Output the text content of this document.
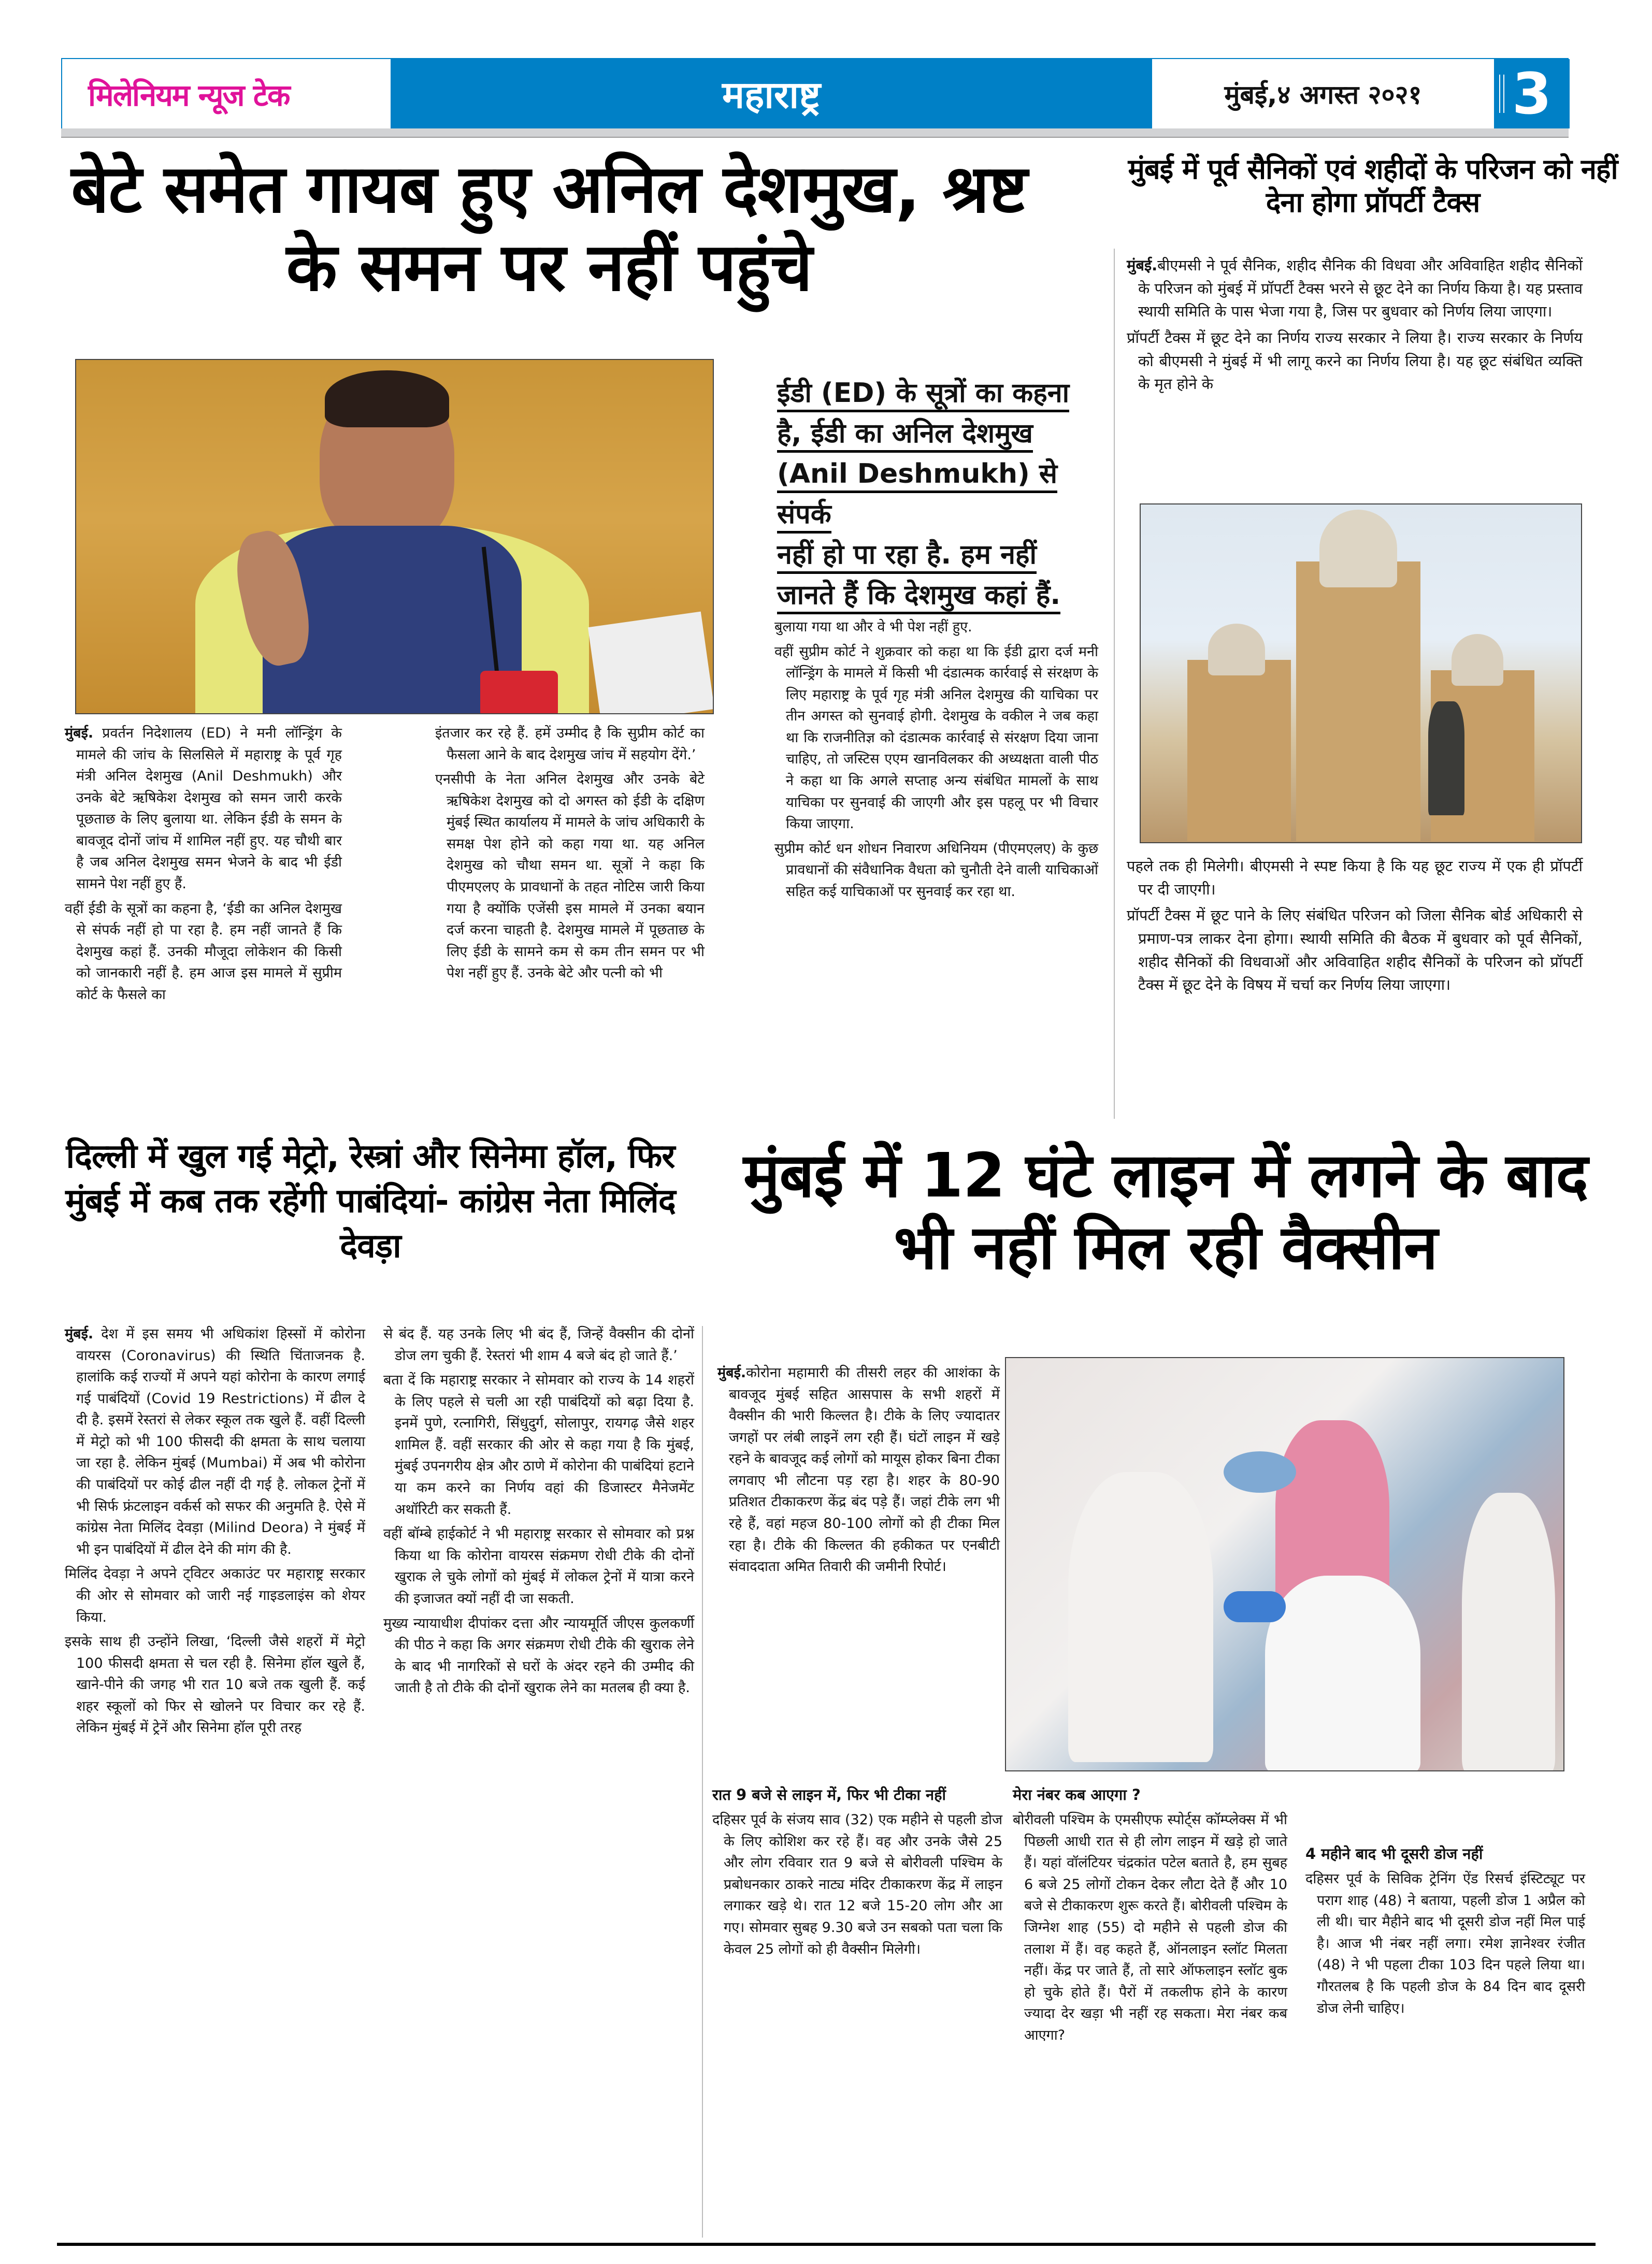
मिलेनियम न्यूज टेक	महाराष्ट्र	मुंबई,४ अगस्त २०२१	3
बेटे समेत गायब हुए अनिल देशमुख, श्रष्ट के समन पर नहीं पहुंचे
ईडी (ED) के सूत्रों का कहना
है, ईडी का अनिल देशमुख
(Anil Deshmukh) से संपर्क
नहीं हो पा रहा है. हम नहीं
जानते हैं कि देशमुख कहां हैं.

मुंबई. प्रवर्तन निदेशालय (ED) ने मनी लॉन्ड्रिंग के मामले की जांच के सिलसिले में महाराष्ट्र के पूर्व गृह मंत्री अनिल देशमुख (Anil Deshmukh) और उनके बेटे ऋषिकेश देशमुख को समन जारी करके पूछताछ के लिए बुलाया था. लेकिन ईडी के समन के बावजूद दोनों जांच में शामिल नहीं हुए. यह चौथी बार है जब अनिल देशमुख समन भेजने के बाद भी ईडी सामने पेश नहीं हुए हैं.

वहीं ईडी के सूत्रों का कहना है, ‘ईडी का अनिल देशमुख से संपर्क नहीं हो पा रहा है. हम नहीं जानते हैं कि देशमुख कहां हैं. उनकी मौजूदा लोकेशन की किसी को जानकारी नहीं है. हम आज इस मामले में सुप्रीम कोर्ट के फैसले का

इंतजार कर रहे हैं. हमें उम्मीद है कि सुप्रीम कोर्ट का फैसला आने के बाद देशमुख जांच में सहयोग देंगे.’

एनसीपी के नेता अनिल देशमुख और उनके बेटे ऋषिकेश देशमुख को दो अगस्त को ईडी के दक्षिण मुंबई स्थित कार्यालय में मामले के जांच अधिकारी के समक्ष पेश होने को कहा गया था. यह अनिल देशमुख को चौथा समन था. सूत्रों ने कहा कि पीएमएलए के प्रावधानों के तहत नोटिस जारी किया गया है क्योंकि एजेंसी इस मामले में उनका बयान दर्ज करना चाहती है. देशमुख मामले में पूछताछ के लिए ईडी के सामने कम से कम तीन समन पर भी पेश नहीं हुए हैं. उनके बेटे और पत्नी को भी

बुलाया गया था और वे भी पेश नहीं हुए.

वहीं सुप्रीम कोर्ट ने शुक्रवार को कहा था कि ईडी द्वारा दर्ज मनी लॉन्ड्रिंग के मामले में किसी भी दंडात्मक कार्रवाई से संरक्षण के लिए महाराष्ट्र के पूर्व गृह मंत्री अनिल देशमुख की याचिका पर तीन अगस्त को सुनवाई होगी. देशमुख के वकील ने जब कहा था कि राजनीतिज्ञ को दंडात्मक कार्रवाई से संरक्षण दिया जाना चाहिए, तो जस्टिस एएम खानविलकर की अध्यक्षता वाली पीठ ने कहा था कि अगले सप्ताह अन्य संबंधित मामलों के साथ याचिका पर सुनवाई की जाएगी और इस पहलू पर भी विचार किया जाएगा.

सुप्रीम कोर्ट धन शोधन निवारण अधिनियम (पीएमएलए) के कुछ प्रावधानों की संवैधानिक वैधता को चुनौती देने वाली याचिकाओं सहित कई याचिकाओं पर सुनवाई कर रहा था.

मुंबई में पूर्व सैनिकों एवं शहीदों के परिजन को नहीं देना होगा प्रॉपर्टी टैक्स

मुंबई.बीएमसी ने पूर्व सैनिक, शहीद सैनिक की विधवा और अविवाहित शहीद सैनिकों के परिजन को मुंबई में प्रॉपर्टी टैक्स भरने से छूट देने का निर्णय किया है। यह प्रस्ताव स्थायी समिति के पास भेजा गया है, जिस पर बुधवार को निर्णय लिया जाएगा।

प्रॉपर्टी टैक्स में छूट देने का निर्णय राज्य सरकार ने लिया है। राज्य सरकार के निर्णय को बीएमसी ने मुंबई में भी लागू करने का निर्णय लिया है। यह छूट संबंधित व्यक्ति के मृत होने के

पहले तक ही मिलेगी। बीएमसी ने स्पष्ट किया है कि यह छूट राज्य में एक ही प्रॉपर्टी पर दी जाएगी।

प्रॉपर्टी टैक्स में छूट पाने के लिए संबंधित परिजन को जिला सैनिक बोर्ड अधिकारी से प्रमाण-पत्र लाकर देना होगा। स्थायी समिति की बैठक में बुधवार को पूर्व सैनिकों, शहीद सैनिकों की विधवाओं और अविवाहित शहीद सैनिकों के परिजन को प्रॉपर्टी टैक्स में छूट देने के विषय में चर्चा कर निर्णय लिया जाएगा।

दिल्ली में खुल गई मेट्रो, रेस्त्रां और सिनेमा हॉल, फिर मुंबई में कब तक रहेंगी पाबंदियां- कांग्रेस नेता मिलिंद देवड़ा

मुंबई. देश में इस समय भी अधिकांश हिस्सों में कोरोना वायरस (Coronavirus) की स्थिति चिंताजनक है. हालांकि कई राज्यों में अपने यहां कोरोना के कारण लगाई गई पाबंदियों (Covid 19 Restrictions) में ढील दे दी है. इसमें रेस्तरां से लेकर स्कूल तक खुले हैं. वहीं दिल्ली में मेट्रो को भी 100 फीसदी की क्षमता के साथ चलाया जा रहा है. लेकिन मुंबई (Mumbai) में अब भी कोरोना की पाबंदियों पर कोई ढील नहीं दी गई है. लोकल ट्रेनों में भी सिर्फ फ्रंटलाइन वर्कर्स को सफर की अनुमति है. ऐसे में कांग्रेस नेता मिलिंद देवड़ा (Milind Deora) ने मुंबई में भी इन पाबंदियों में ढील देने की मांग की है.

मिलिंद देवड़ा ने अपने ट्विटर अकाउंट पर महाराष्ट्र सरकार की ओर से सोमवार को जारी नई गाइडलाइंस को शेयर किया.

इसके साथ ही उन्होंने लिखा, ‘दिल्ली जैसे शहरों में मेट्रो 100 फीसदी क्षमता से चल रही है. सिनेमा हॉल खुले हैं, खाने-पीने की जगह भी रात 10 बजे तक खुली हैं. कई शहर स्कूलों को फिर से खोलने पर विचार कर रहे हैं. लेकिन मुंबई में ट्रेनें और सिनेमा हॉल पूरी तरह

से बंद हैं. यह उनके लिए भी बंद हैं, जिन्हें वैक्सीन की दोनों डोज लग चुकी हैं. रेस्तरां भी शाम 4 बजे बंद हो जाते हैं.’

बता दें कि महाराष्ट्र सरकार ने सोमवार को राज्य के 14 शहरों के लिए पहले से चली आ रही पाबंदियों को बढ़ा दिया है. इनमें पुणे, रत्नागिरी, सिंधुदुर्ग, सोलापुर, रायगढ़ जैसे शहर शामिल हैं. वहीं सरकार की ओर से कहा गया है कि मुंबई, मुंबई उपनगरीय क्षेत्र और ठाणे में कोरोना की पाबंदियां हटाने या कम करने का निर्णय वहां की डिजास्टर मैनेजमेंट अथॉरिटी कर सकती हैं.

वहीं बॉम्बे हाईकोर्ट ने भी महाराष्ट्र सरकार से सोमवार को प्रश्न किया था कि कोरोना वायरस संक्रमण रोधी टीके की दोनों खुराक ले चुके लोगों को मुंबई में लोकल ट्रेनों में यात्रा करने की इजाजत क्यों नहीं दी जा सकती.

मुख्य न्यायाधीश दीपांकर दत्ता और न्यायमूर्ति जीएस कुलकर्णी की पीठ ने कहा कि अगर संक्रमण रोधी टीके की खुराक लेने के बाद भी नागरिकों से घरों के अंदर रहने की उम्मीद की जाती है तो टीके की दोनों खुराक लेने का मतलब ही क्या है.

मुंबई में 12 घंटे लाइन में लगने के बाद भी नहीं मिल रही वैक्सीन

मुंबई.कोरोना महामारी की तीसरी लहर की आशंका के बावजूद मुंबई सहित आसपास के सभी शहरों में वैक्सीन की भारी किल्लत है। टीके के लिए ज्यादातर जगहों पर लंबी लाइनें लग रही हैं। घंटों लाइन में खड़े रहने के बावजूद कई लोगों को मायूस होकर बिना टीका लगवाए भी लौटना पड़ रहा है। शहर के 80-90 प्रतिशत टीकाकरण केंद्र बंद पड़े हैं। जहां टीके लग भी रहे हैं, वहां महज 80-100 लोगों को ही टीका मिल रहा है। टीके की किल्लत की हकीकत पर एनबीटी संवाददाता अमित तिवारी की जमीनी रिपोर्ट।

रात 9 बजे से लाइन में, फिर भी टीका नहीं

दहिसर पूर्व के संजय साव (32) एक महीने से पहली डोज के लिए कोशिश कर रहे हैं। वह और उनके जैसे 25 और लोग रविवार रात 9 बजे से बोरीवली पश्चिम के प्रबोधनकार ठाकरे नाट्य मंदिर टीकाकरण केंद्र में लाइन लगाकर खड़े थे। रात 12 बजे 15-20 लोग और आ गए। सोमवार सुबह 9.30 बजे उन सबको पता चला कि केवल 25 लोगों को ही वैक्सीन मिलेगी।

मेरा नंबर कब आएगा ?

बोरीवली पश्चिम के एमसीएफ स्पोर्ट्स कॉम्प्लेक्स में भी पिछली आधी रात से ही लोग लाइन में खड़े हो जाते हैं। यहां वॉलंटियर चंद्रकांत पटेल बताते है, हम सुबह 6 बजे 25 लोगों टोकन देकर लौटा देते हैं और 10 बजे से टीकाकरण शुरू करते हैं। बोरीवली पश्चिम के जिग्नेश शाह (55) दो महीने से पहली डोज की तलाश में हैं। वह कहते हैं, ऑनलाइन स्लॉट मिलता नहीं। केंद्र पर जाते हैं, तो सारे ऑफलाइन स्लॉट बुक हो चुके होते हैं। पैरों में तकलीफ होने के कारण ज्यादा देर खड़ा भी नहीं रह सकता। मेरा नंबर कब आएगा?

4 महीने बाद भी दूसरी डोज नहीं

दहिसर पूर्व के सिविक ट्रेनिंग ऐंड रिसर्च इंस्टिट्यूट पर पराग शाह (48) ने बताया, पहली डोज 1 अप्रैल को ली थी। चार मैहीने बाद भी दूसरी डोज नहीं मिल पाई है। आज भी नंबर नहीं लगा। रमेश ज्ञानेश्वर रंजीत (48) ने भी पहला टीका 103 दिन पहले लिया था। गौरतलब है कि पहली डोज के 84 दिन बाद दूसरी डोज लेनी चाहिए।
